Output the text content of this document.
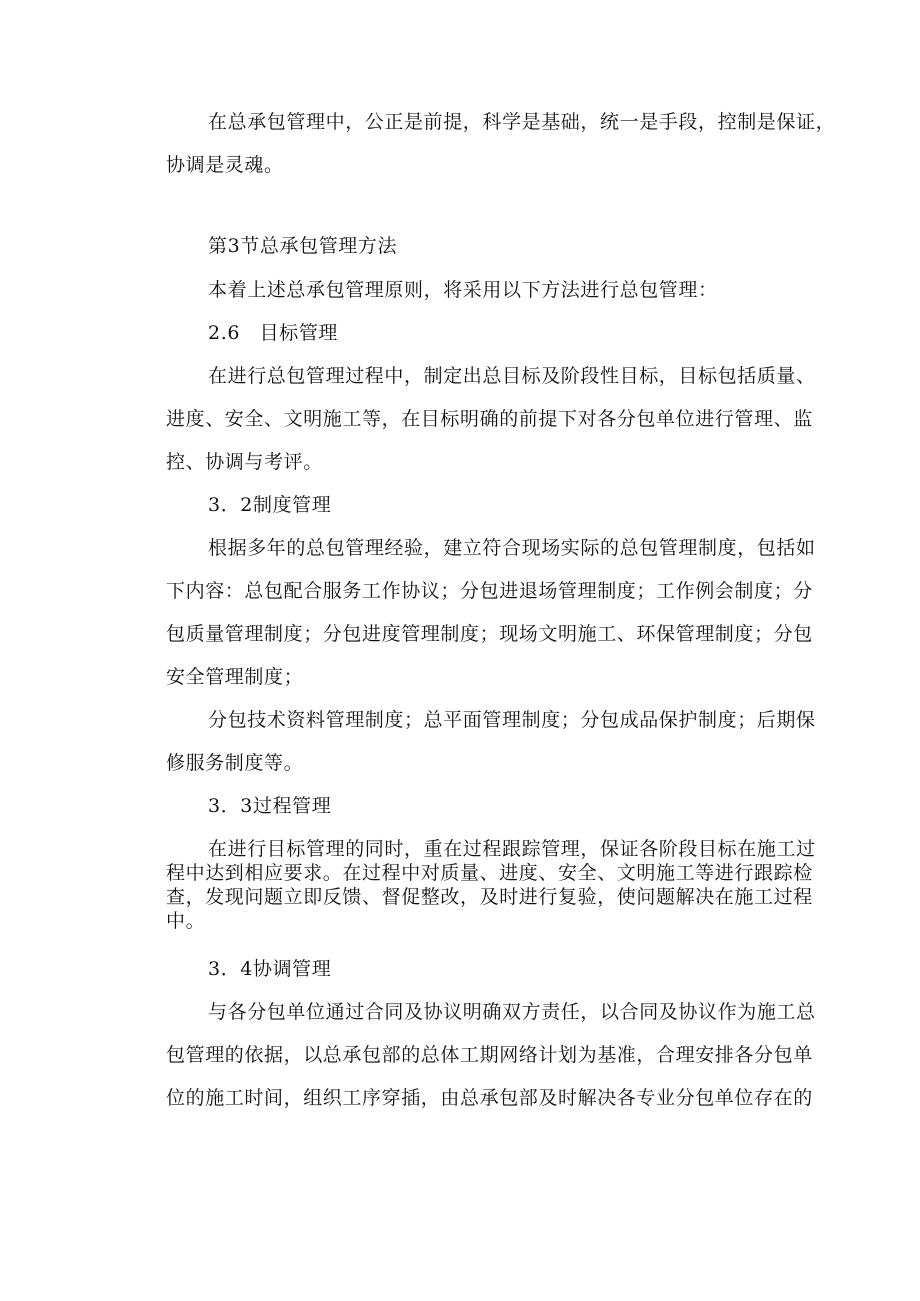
在总承包管理中，公正是前提，科学是基础，统一是手段，控制是保证，
协调是灵魂。
第3节总承包管理方法
本着上述总承包管理原则，将采用以下方法进行总包管理：
2.6　目标管理
在进行总包管理过程中，制定出总目标及阶段性目标，目标包括质量、
进度、安全、文明施工等，在目标明确的前提下对各分包单位进行管理、监
控、协调与考评。
3．2制度管理
根据多年的总包管理经验，建立符合现场实际的总包管理制度，包括如
下内容：总包配合服务工作协议；分包进退场管理制度；工作例会制度；分
包质量管理制度；分包进度管理制度；现场文明施工、环保管理制度；分包
安全管理制度；
分包技术资料管理制度；总平面管理制度；分包成品保护制度；后期保
修服务制度等。
3．3过程管理
在进行目标管理的同时，重在过程跟踪管理，保证各阶段目标在施工过
程中达到相应要求。在过程中对质量、进度、安全、文明施工等进行跟踪检
查，发现问题立即反馈、督促整改，及时进行复验，使问题解决在施工过程
中。
3．4协调管理
与各分包单位通过合同及协议明确双方责任，以合同及协议作为施工总
包管理的依据，以总承包部的总体工期网络计划为基准，合理安排各分包单
位的施工时间，组织工序穿插，由总承包部及时解决各专业分包单位存在的
